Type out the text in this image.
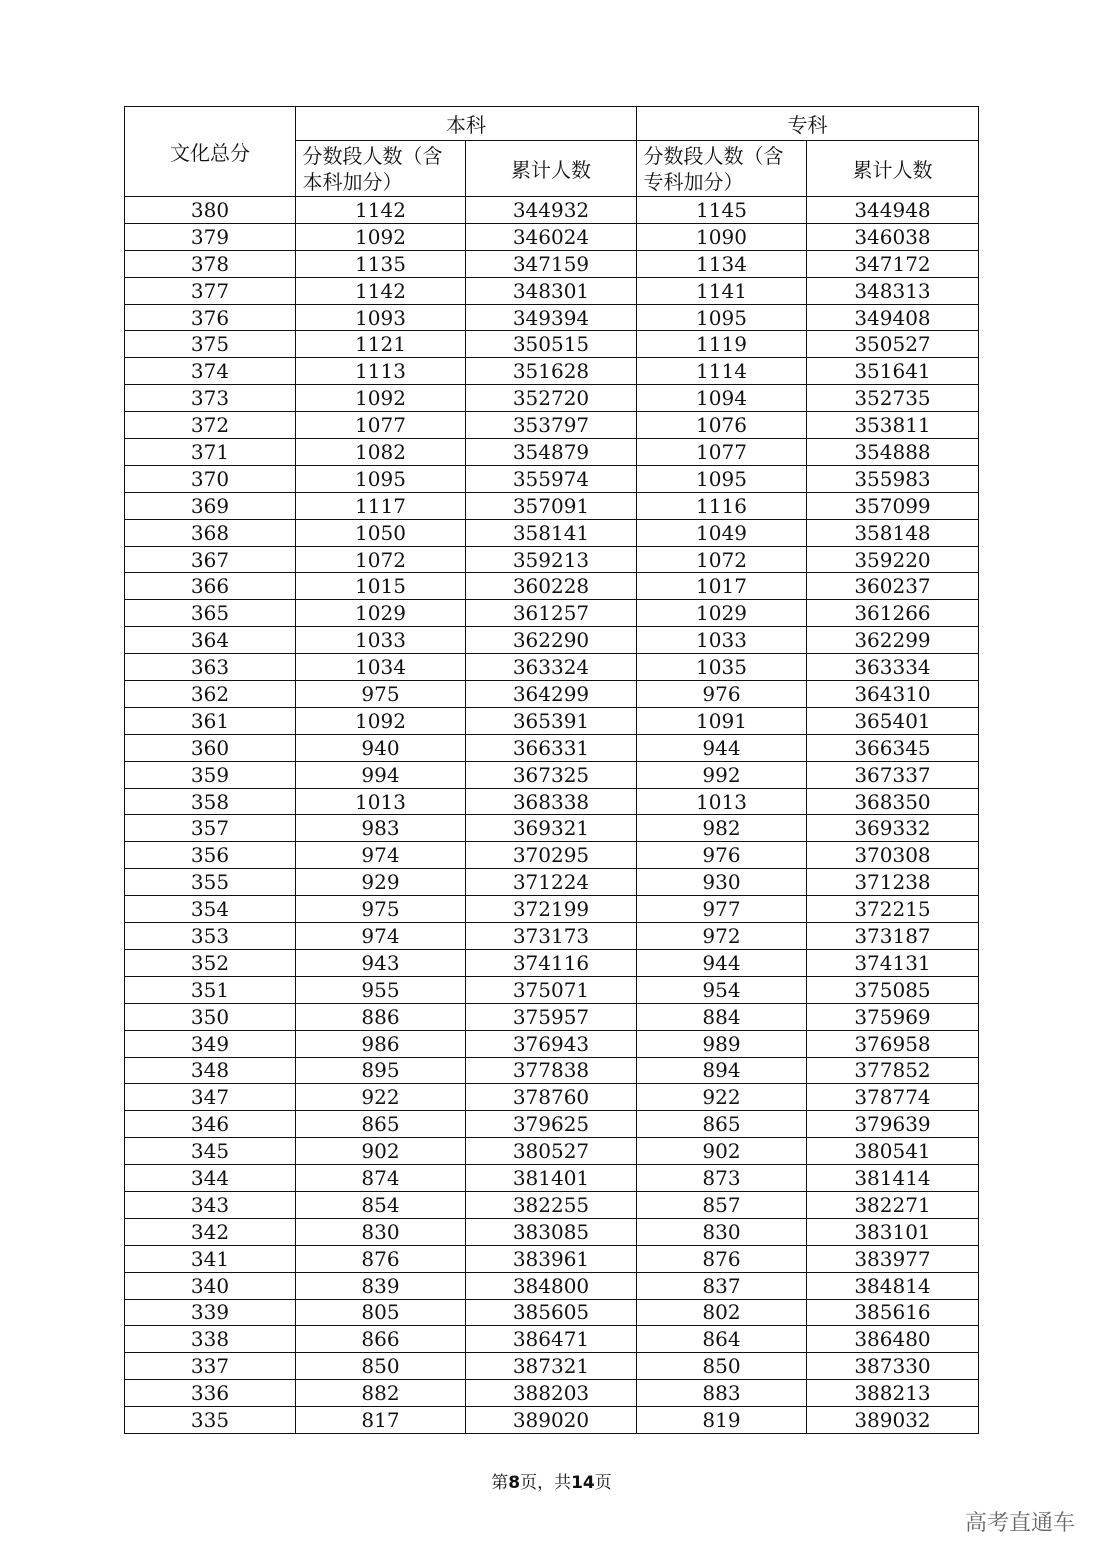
文化总分	本科		专科	
	分数段人数（含本科加分）	累计人数	分数段人数（含专科加分）	累计人数
380	1142	344932	1145	344948
379	1092	346024	1090	346038
378	1135	347159	1134	347172
377	1142	348301	1141	348313
376	1093	349394	1095	349408
375	1121	350515	1119	350527
374	1113	351628	1114	351641
373	1092	352720	1094	352735
372	1077	353797	1076	353811
371	1082	354879	1077	354888
370	1095	355974	1095	355983
369	1117	357091	1116	357099
368	1050	358141	1049	358148
367	1072	359213	1072	359220
366	1015	360228	1017	360237
365	1029	361257	1029	361266
364	1033	362290	1033	362299
363	1034	363324	1035	363334
362	975	364299	976	364310
361	1092	365391	1091	365401
360	940	366331	944	366345
359	994	367325	992	367337
358	1013	368338	1013	368350
357	983	369321	982	369332
356	974	370295	976	370308
355	929	371224	930	371238
354	975	372199	977	372215
353	974	373173	972	373187
352	943	374116	944	374131
351	955	375071	954	375085
350	886	375957	884	375969
349	986	376943	989	376958
348	895	377838	894	377852
347	922	378760	922	378774
346	865	379625	865	379639
345	902	380527	902	380541
344	874	381401	873	381414
343	854	382255	857	382271
342	830	383085	830	383101
341	876	383961	876	383977
340	839	384800	837	384814
339	805	385605	802	385616
338	866	386471	864	386480
337	850	387321	850	387330
336	882	388203	883	388213
335	817	389020	819	389032
第8页，共14页
高考直通车
